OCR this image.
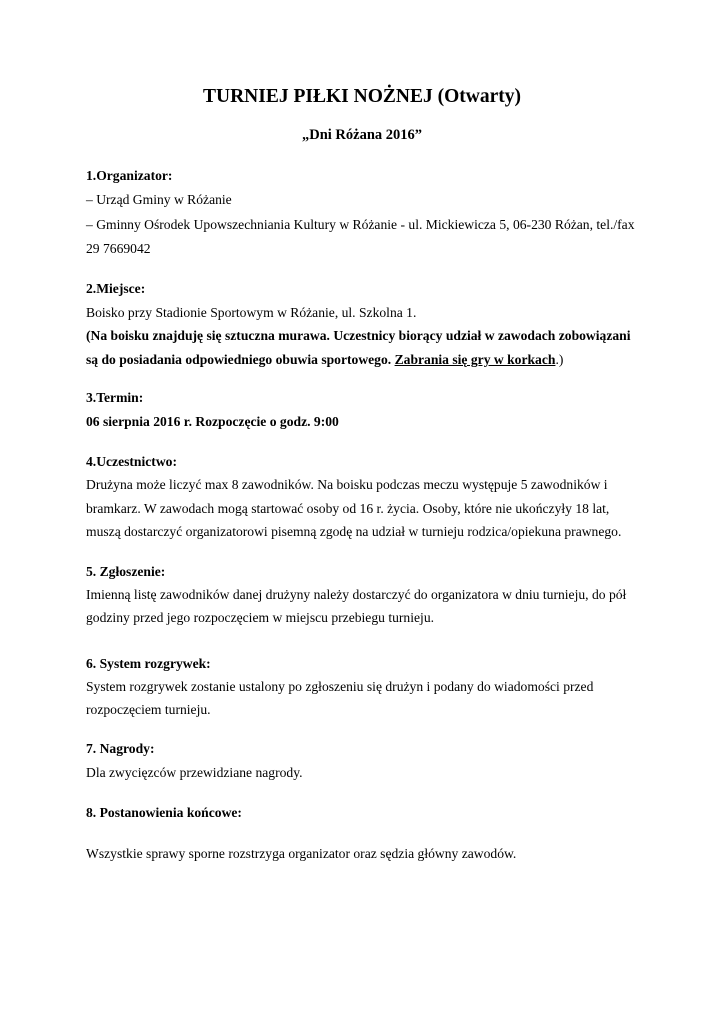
TURNIEJ PIŁKI NOŻNEJ (Otwarty)
„Dni Różana 2016”
1.Organizator:
– Urząd Gminy w Różanie
– Gminny Ośrodek Upowszechniania Kultury w Różanie - ul. Mickiewicza 5, 06-230 Różan, tel./fax
29 7669042
2.Miejsce:
Boisko przy Stadionie Sportowym w Różanie, ul. Szkolna 1.
(Na boisku znajduję się sztuczna murawa. Uczestnicy biorący udział w zawodach zobowiązani
są do posiadania odpowiedniego obuwia sportowego. Zabrania się gry w korkach.)
3.Termin:
06 sierpnia 2016 r. Rozpoczęcie o godz. 9:00
4.Uczestnictwo:
Drużyna może liczyć max 8 zawodników. Na boisku podczas meczu występuje 5 zawodników i
bramkarz. W zawodach mogą startować osoby od 16 r. życia. Osoby, które nie ukończyły 18 lat,
muszą dostarczyć organizatorowi pisemną zgodę na udział w turnieju rodzica/opiekuna prawnego.
5. Zgłoszenie:
Imienną listę zawodników danej drużyny należy dostarczyć do organizatora w dniu turnieju, do pół
godziny przed jego rozpoczęciem w miejscu przebiegu turnieju.
6. System rozgrywek:
System rozgrywek zostanie ustalony po zgłoszeniu się drużyn i podany do wiadomości przed
rozpoczęciem turnieju.
7. Nagrody:
Dla zwycięzców przewidziane nagrody.
8. Postanowienia końcowe:
Wszystkie sprawy sporne rozstrzyga organizator oraz sędzia główny zawodów.
